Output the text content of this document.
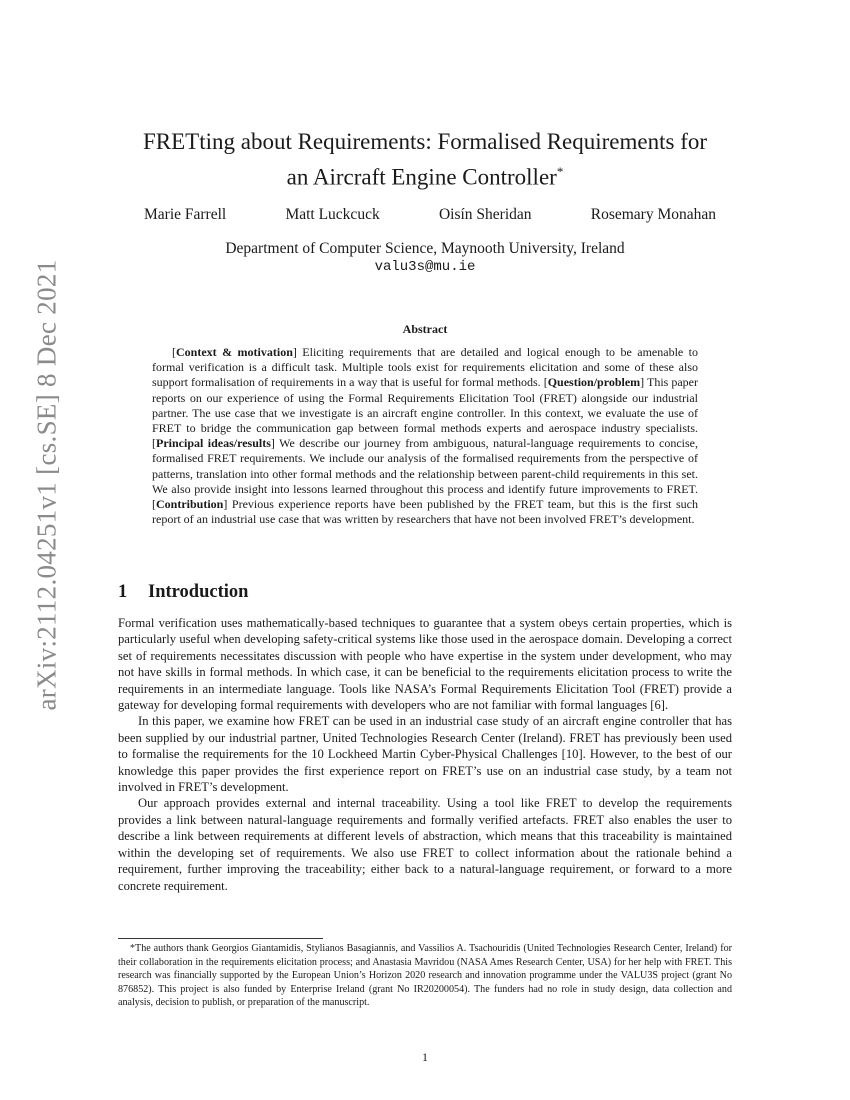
arXiv:2112.04251v1 [cs.SE] 8 Dec 2021
FRETting about Requirements: Formalised Requirements for
an Aircraft Engine Controller*
Marie Farrell	Matt Luckcuck	Oisín Sheridan	Rosemary Monahan
Department of Computer Science, Maynooth University, Ireland
valu3s@mu.ie
Abstract

[Context & motivation] Eliciting requirements that are detailed and logical enough to be amenable to formal verification is a difficult task. Multiple tools exist for requirements elicitation and some of these also support formalisation of requirements in a way that is useful for formal methods. [Question/problem] This paper reports on our experience of using the Formal Requirements Elicitation Tool (FRET) alongside our industrial partner. The use case that we investigate is an aircraft engine controller. In this context, we evaluate the use of FRET to bridge the communication gap between formal methods experts and aerospace industry specialists. [Principal ideas/results] We describe our journey from ambiguous, natural-language requirements to concise, formalised FRET requirements. We include our analysis of the formalised requirements from the perspective of patterns, translation into other formal methods and the relationship between parent-child requirements in this set. We also provide insight into lessons learned throughout this process and identify future improvements to FRET. [Contribution] Previous experience reports have been published by the FRET team, but this is the first such report of an industrial use case that was written by researchers that have not been involved FRET’s development.

1 Introduction

Formal verification uses mathematically-based techniques to guarantee that a system obeys certain properties, which is particularly useful when developing safety-critical systems like those used in the aerospace domain. Developing a correct set of requirements necessitates discussion with people who have expertise in the system under development, who may not have skills in formal methods. In which case, it can be beneficial to the requirements elicitation process to write the requirements in an intermediate language. Tools like NASA’s Formal Requirements Elicitation Tool (FRET) provide a gateway for developing formal requirements with developers who are not familiar with formal languages [6].

In this paper, we examine how FRET can be used in an industrial case study of an aircraft engine controller that has been supplied by our industrial partner, United Technologies Research Center (Ireland). FRET has previously been used to formalise the requirements for the 10 Lockheed Martin Cyber-Physical Challenges [10]. However, to the best of our knowledge this paper provides the first experience report on FRET’s use on an industrial case study, by a team not involved in FRET’s development.

Our approach provides external and internal traceability. Using a tool like FRET to develop the requirements provides a link between natural-language requirements and formally verified artefacts. FRET also enables the user to describe a link between requirements at different levels of abstraction, which means that this traceability is maintained within the developing set of requirements. We also use FRET to collect information about the rationale behind a requirement, further improving the traceability; either back to a natural-language requirement, or forward to a more concrete requirement.

*The authors thank Georgios Giantamidis, Stylianos Basagiannis, and Vassilios A. Tsachouridis (United Technologies Research Center, Ireland) for their collaboration in the requirements elicitation process; and Anastasia Mavridou (NASA Ames Research Center, USA) for her help with FRET. This research was financially supported by the European Union’s Horizon 2020 research and innovation programme under the VALU3S project (grant No 876852). This project is also funded by Enterprise Ireland (grant No IR20200054). The funders had no role in study design, data collection and analysis, decision to publish, or preparation of the manuscript.

1
